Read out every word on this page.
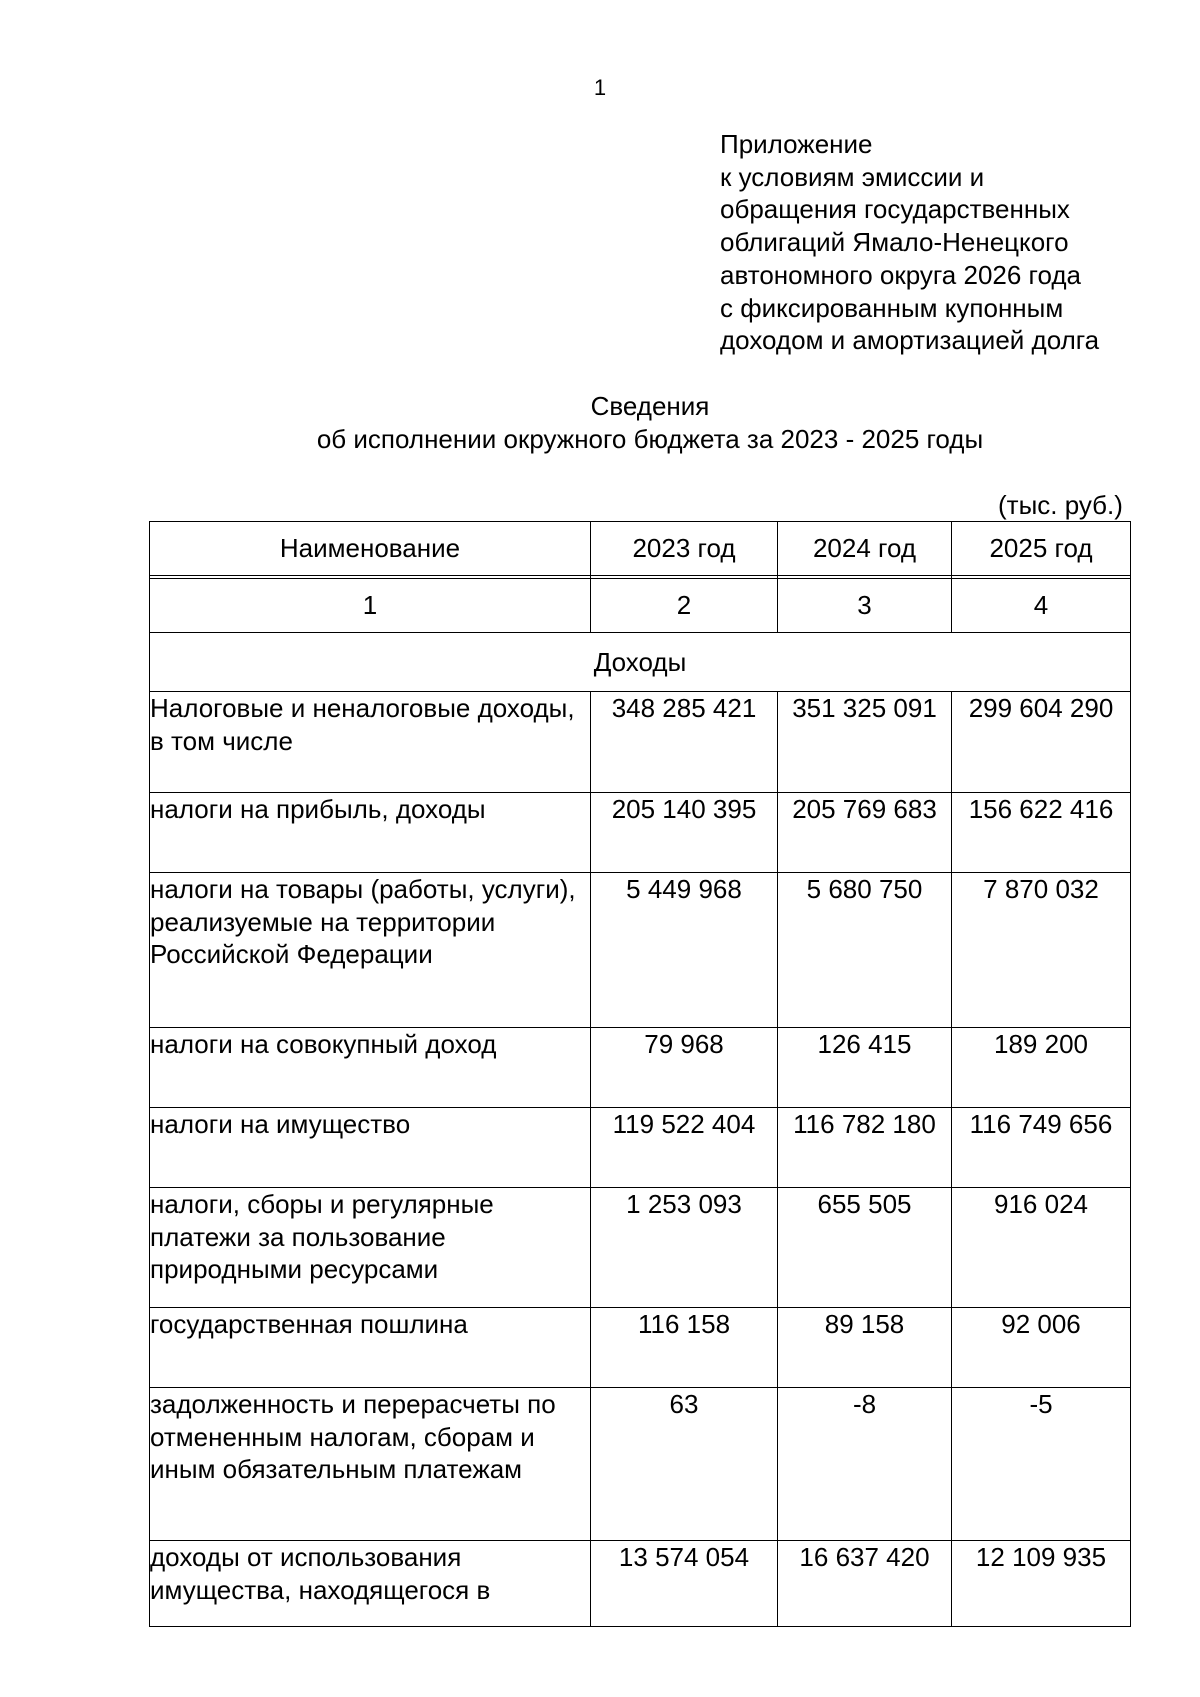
1
Приложение
к условиям эмиссии и
обращения государственных
облигаций Ямало-Ненецкого
автономного округа 2026 года
с фиксированным купонным
доходом и амортизацией долга
Сведения
об исполнении окружного бюджета за 2023 - 2025 годы
(тыс. руб.)
Наименование	2023 год	2024 год	2025 год

1	2	3	4
Доходы			
Налоговые и неналоговые доходы, в том числе	348 285 421	351 325 091	299 604 290
налоги на прибыль, доходы	205 140 395	205 769 683	156 622 416
налоги на товары (работы, услуги), реализуемые на территории Российской Федерации	5 449 968	5 680 750	7 870 032
налоги на совокупный доход	79 968	126 415	189 200
налоги на имущество	119 522 404	116 782 180	116 749 656
налоги, сборы и регулярные платежи за пользование природными ресурсами	1 253 093	655 505	916 024
государственная пошлина	116 158	89 158	92 006
задолженность и перерасчеты по отмененным налогам, сборам и иным обязательным платежам	63	-8	-5
доходы от использования имущества, находящегося в	13 574 054	16 637 420	12 109 935
